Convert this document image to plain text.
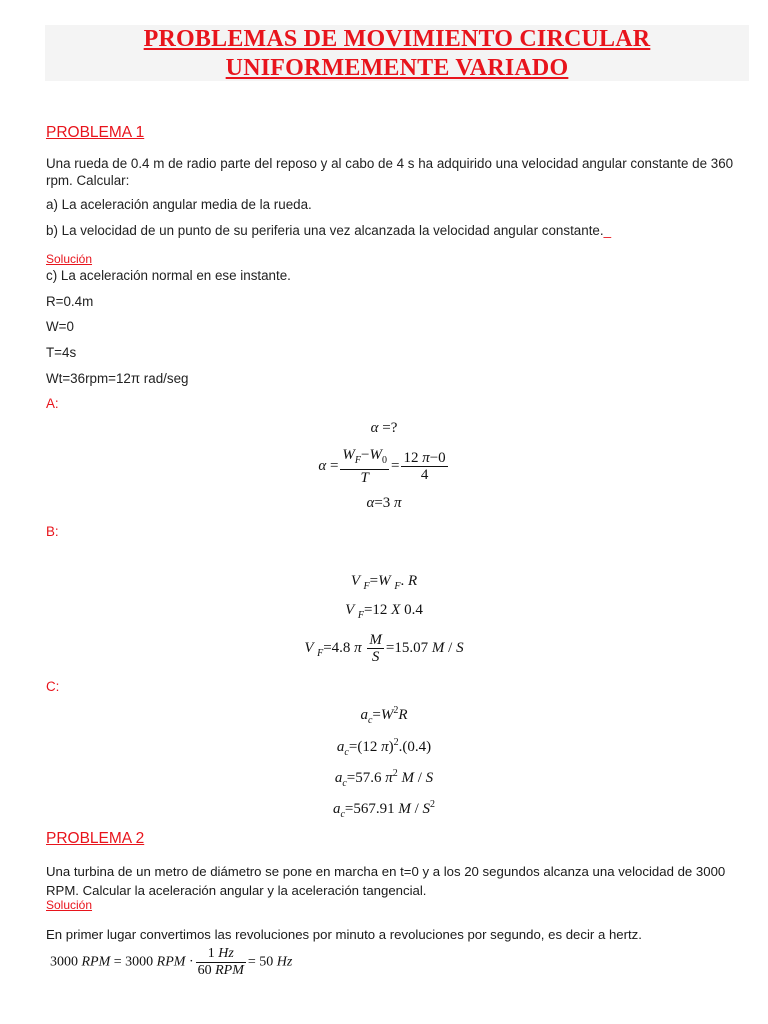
PROBLEMAS DE MOVIMIENTO CIRCULAR
UNIFORMEMENTE VARIADO
PROBLEMA 1
Una rueda de 0.4 m de radio parte del reposo y al cabo de 4 s ha adquirido una velocidad angular constante de 360 rpm. Calcular:
a) La aceleración angular media de la rueda.
b) La velocidad de un punto de su periferia una vez alcanzada la velocidad angular constante._
Solución
c) La aceleración normal en ese instante.
R=0.4m
W=0
T=4s
Wt=36rpm=12π rad/seg
A:
α =?
$\alpha = \frac{W_F-W_0}{T} = \frac{12 \pi-0}{4}$
α=3 π
B:
V $_F$=W $_F$. R
V $_F$=12 X 0.4
V $_F$=4.8 π $\frac{M}{S} =15.07$ M / S
C:
$a_c=W^2R$
$a_c=(12$ π)$^2$.(0.4)
$a_c=57.6$ $\pi^2$ M / S
$a_c=567.91$ M / $S^2$
PROBLEMA 2
Una turbina de un metro de diámetro se pone en marcha en t=0 y a los 20 segundos alcanza una velocidad de 3000 RPM. Calcular la aceleración angular y la aceleración tangencial.
Solución
En primer lugar convertimos las revoluciones por minuto a revoluciones por segundo, es decir a hertz.
3000 RPM = 3000 RPM · $\frac{1 Hz}{\text{60 RPM}} = 50$ Hz
